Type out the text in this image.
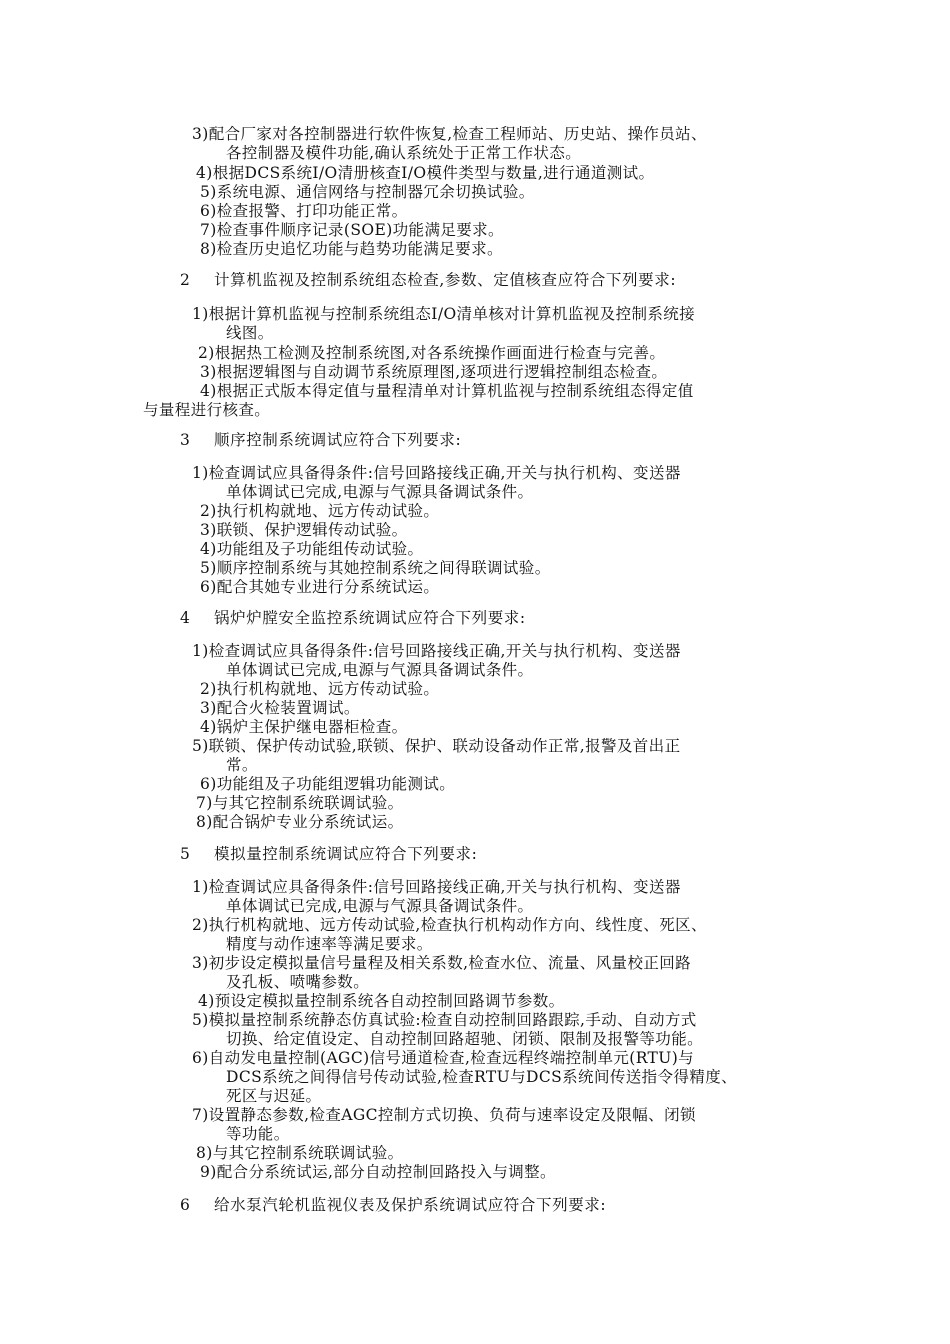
3)配合厂家对各控制器进行软件恢复,检查工程师站、历史站、操作员站、
各控制器及模件功能,确认系统处于正常工作状态。
4)根据DCS系统I/O清册核查I/O模件类型与数量,进行通道测试。
5)系统电源、通信网络与控制器冗余切换试验。
6)检查报警、打印功能正常。
7)检查事件顺序记录(SOE)功能满足要求。
8)检查历史追忆功能与趋势功能满足要求。
2 计算机监视及控制系统组态检查,参数、定值核查应符合下列要求:
1)根据计算机监视与控制系统组态I/O清单核对计算机监视及控制系统接
线图。
2)根据热工检测及控制系统图,对各系统操作画面进行检查与完善。
3)根据逻辑图与自动调节系统原理图,逐项进行逻辑控制组态检查。
4)根据正式版本得定值与量程清单对计算机监视与控制系统组态得定值
与量程进行核查。
3 顺序控制系统调试应符合下列要求:
1)检查调试应具备得条件:信号回路接线正确,开关与执行机构、变送器
单体调试已完成,电源与气源具备调试条件。
2)执行机构就地、远方传动试验。
3)联锁、保护逻辑传动试验。
4)功能组及子功能组传动试验。
5)顺序控制系统与其她控制系统之间得联调试验。
6)配合其她专业进行分系统试运。
4 锅炉炉膛安全监控系统调试应符合下列要求:
1)检查调试应具备得条件:信号回路接线正确,开关与执行机构、变送器
单体调试已完成,电源与气源具备调试条件。
2)执行机构就地、远方传动试验。
3)配合火检装置调试。
4)锅炉主保护继电器柜检查。
5)联锁、保护传动试验,联锁、保护、联动设备动作正常,报警及首出正
常。
6)功能组及子功能组逻辑功能测试。
7)与其它控制系统联调试验。
8)配合锅炉专业分系统试运。
5 模拟量控制系统调试应符合下列要求:
1)检查调试应具备得条件:信号回路接线正确,开关与执行机构、变送器
单体调试已完成,电源与气源具备调试条件。
2)执行机构就地、远方传动试验,检查执行机构动作方向、线性度、死区、
精度与动作速率等满足要求。
3)初步设定模拟量信号量程及相关系数,检查水位、流量、风量校正回路
及孔板、喷嘴参数。
4)预设定模拟量控制系统各自动控制回路调节参数。
5)模拟量控制系统静态仿真试验:检查自动控制回路跟踪,手动、自动方式
切换、给定值设定、自动控制回路超驰、闭锁、限制及报警等功能。
6)自动发电量控制(AGC)信号通道检查,检查远程终端控制单元(RTU)与
DCS系统之间得信号传动试验,检查RTU与DCS系统间传送指令得精度、
死区与迟延。
7)设置静态参数,检查AGC控制方式切换、负荷与速率设定及限幅、闭锁
等功能。
8)与其它控制系统联调试验。
9)配合分系统试运,部分自动控制回路投入与调整。
6 给水泵汽轮机监视仪表及保护系统调试应符合下列要求:
